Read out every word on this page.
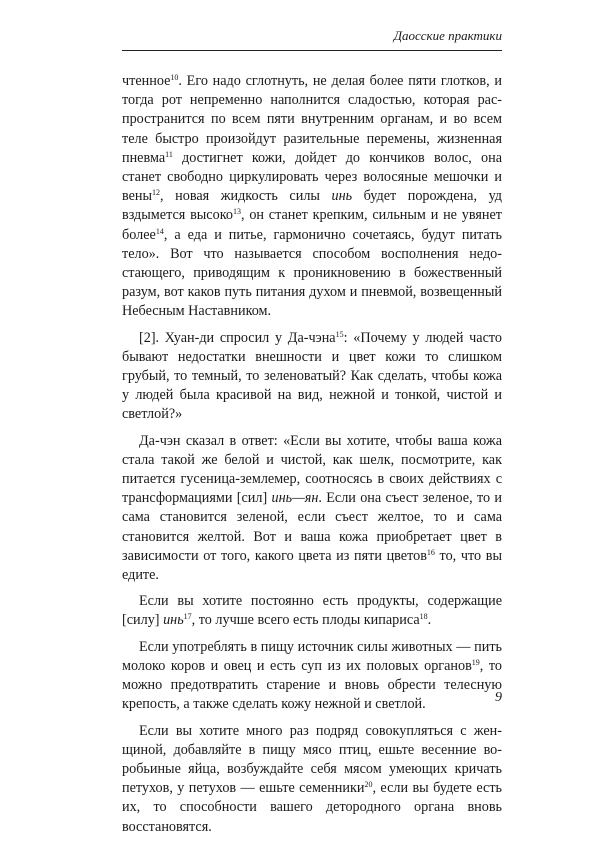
Даосские практики

чтенное$^{10}$. Его надо сглотнуть, не делая более пяти глотков, и тогда рот непременно наполнится сладостью, которая распространится по всем пяти внутренним органам, и во всем теле быстро произойдут разительные перемены, жизненная пневма$^{11}$ достигнет кожи, дойдет до кончиков волос, она станет свободно циркулировать через волосяные мешочки и вены$^{12}$, новая жидкость силы инь будет порождена, уд вздымется высоко$^{13}$, он станет крепким, сильным и не увянет более$^{14}$, а еда и питье, гармонично сочетаясь, будут питать тело». Вот что называется способом восполнения недостающего, приводящим к проникновению в божественный разум, вот каков путь питания духом и пневмой, возвещенный Небесным Наставником.

[2]. Хуан-ди спросил у Да-чэна$^{15}$: «Почему у людей часто бывают недостатки внешности и цвет кожи то слишком грубый, то темный, то зеленоватый? Как сделать, чтобы кожа у людей была красивой на вид, нежной и тонкой, чистой и светлой?»

Да-чэн сказал в ответ: «Если вы хотите, чтобы ваша кожа стала такой же белой и чистой, как шелк, посмотрите, как питается гусеница-землемер, соотносясь в своих действиях с трансформациями [сил] инь—ян. Если она съест зеленое, то и сама становится зеленой, если съест желтое, то и сама становится желтой. Вот и ваша кожа приобретает цвет в зависимости от того, какого цвета из пяти цветов$^{16}$ то, что вы едите.

Если вы хотите постоянно есть продукты, содержащие [силу] инь$^{17}$, то лучше всего есть плоды кипариса$^{18}$.

Если употреблять в пищу источник силы животных — пить молоко коров и овец и есть суп из их половых органов$^{19}$, то можно предотвратить старение и вновь обрести телесную крепость, а также сделать кожу нежной и светлой.

Если вы хотите много раз подряд совокупляться с женщиной, добавляйте в пищу мясо птиц, ешьте весенние воробьиные яйца, возбуждайте себя мясом умеющих кричать петухов, у петухов — ешьте семенники$^{20}$, если вы будете есть их, то способности вашего детородного органа вновь восстановятся.

9
